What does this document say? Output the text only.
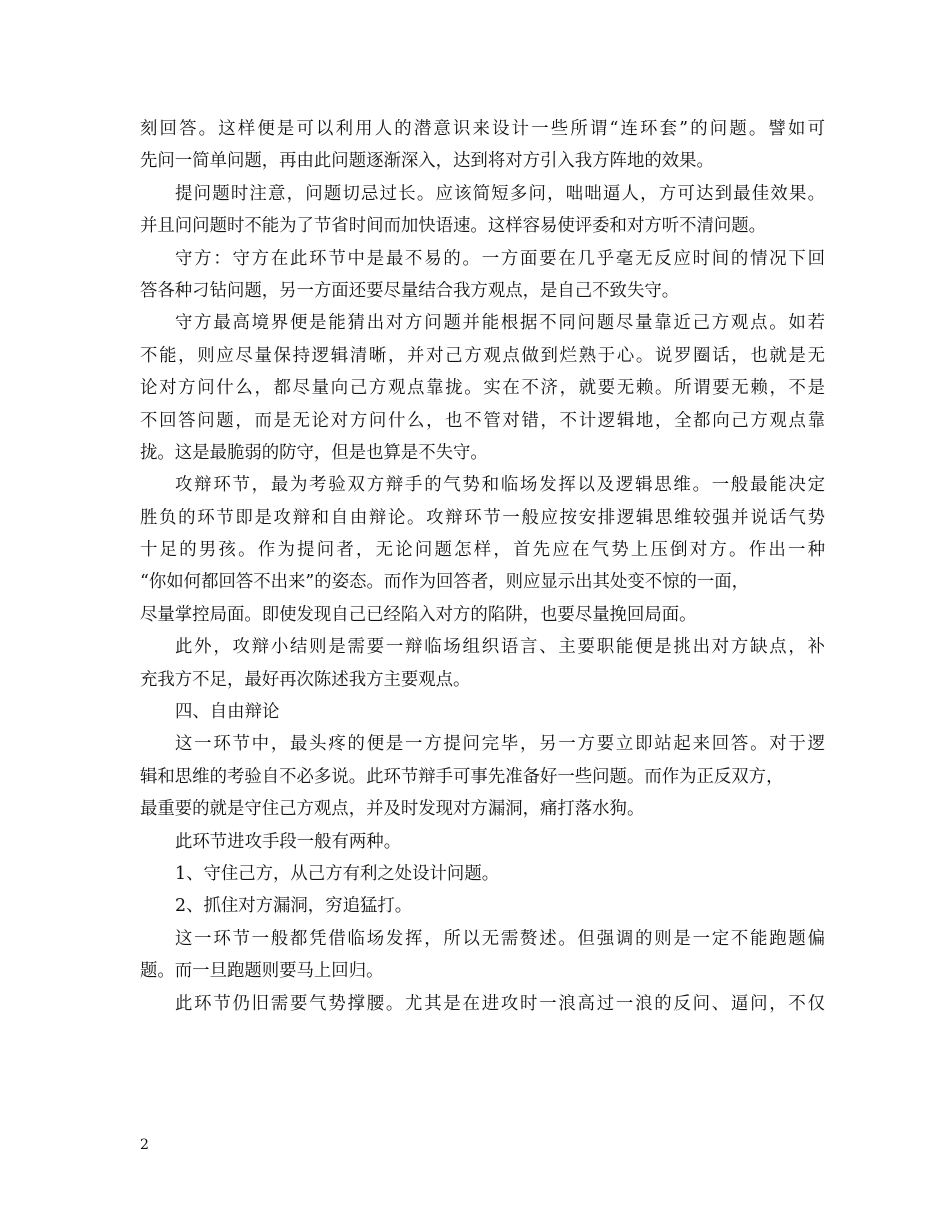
刻回答。这样便是可以利用人的潜意识来设计一些所谓“连环套”的问题。譬如可
先问一简单问题，再由此问题逐渐深入，达到将对方引入我方阵地的效果。
提问题时注意，问题切忌过长。应该简短多问，咄咄逼人，方可达到最佳效果。
并且问问题时不能为了节省时间而加快语速。这样容易使评委和对方听不清问题。
守方：守方在此环节中是最不易的。一方面要在几乎毫无反应时间的情况下回
答各种刁钻问题，另一方面还要尽量结合我方观点，是自己不致失守。
守方最高境界便是能猜出对方问题并能根据不同问题尽量靠近己方观点。如若
不能，则应尽量保持逻辑清晰，并对己方观点做到烂熟于心。说罗圈话，也就是无
论对方问什么，都尽量向己方观点靠拢。实在不济，就要无赖。所谓要无赖，不是
不回答问题，而是无论对方问什么，也不管对错，不计逻辑地，全都向己方观点靠
拢。这是最脆弱的防守，但是也算是不失守。
攻辩环节，最为考验双方辩手的气势和临场发挥以及逻辑思维。一般最能决定
胜负的环节即是攻辩和自由辩论。攻辩环节一般应按安排逻辑思维较强并说话气势
十足的男孩。作为提问者，无论问题怎样，首先应在气势上压倒对方。作出一种
“你如何都回答不出来”的姿态。而作为回答者，则应显示出其处变不惊的一面，
尽量掌控局面。即使发现自己已经陷入对方的陷阱，也要尽量挽回局面。
此外，攻辩小结则是需要一辩临场组织语言、主要职能便是挑出对方缺点，补
充我方不足，最好再次陈述我方主要观点。
四、自由辩论
这一环节中，最头疼的便是一方提问完毕，另一方要立即站起来回答。对于逻
辑和思维的考验自不必多说。此环节辩手可事先准备好一些问题。而作为正反双方，
最重要的就是守住己方观点，并及时发现对方漏洞，痛打落水狗。
此环节进攻手段一般有两种。
1、守住己方，从己方有利之处设计问题。
2、抓住对方漏洞，穷追猛打。
这一环节一般都凭借临场发挥，所以无需赘述。但强调的则是一定不能跑题偏
题。而一旦跑题则要马上回归。
此环节仍旧需要气势撑腰。尤其是在进攻时一浪高过一浪的反问、逼问，不仅
2
